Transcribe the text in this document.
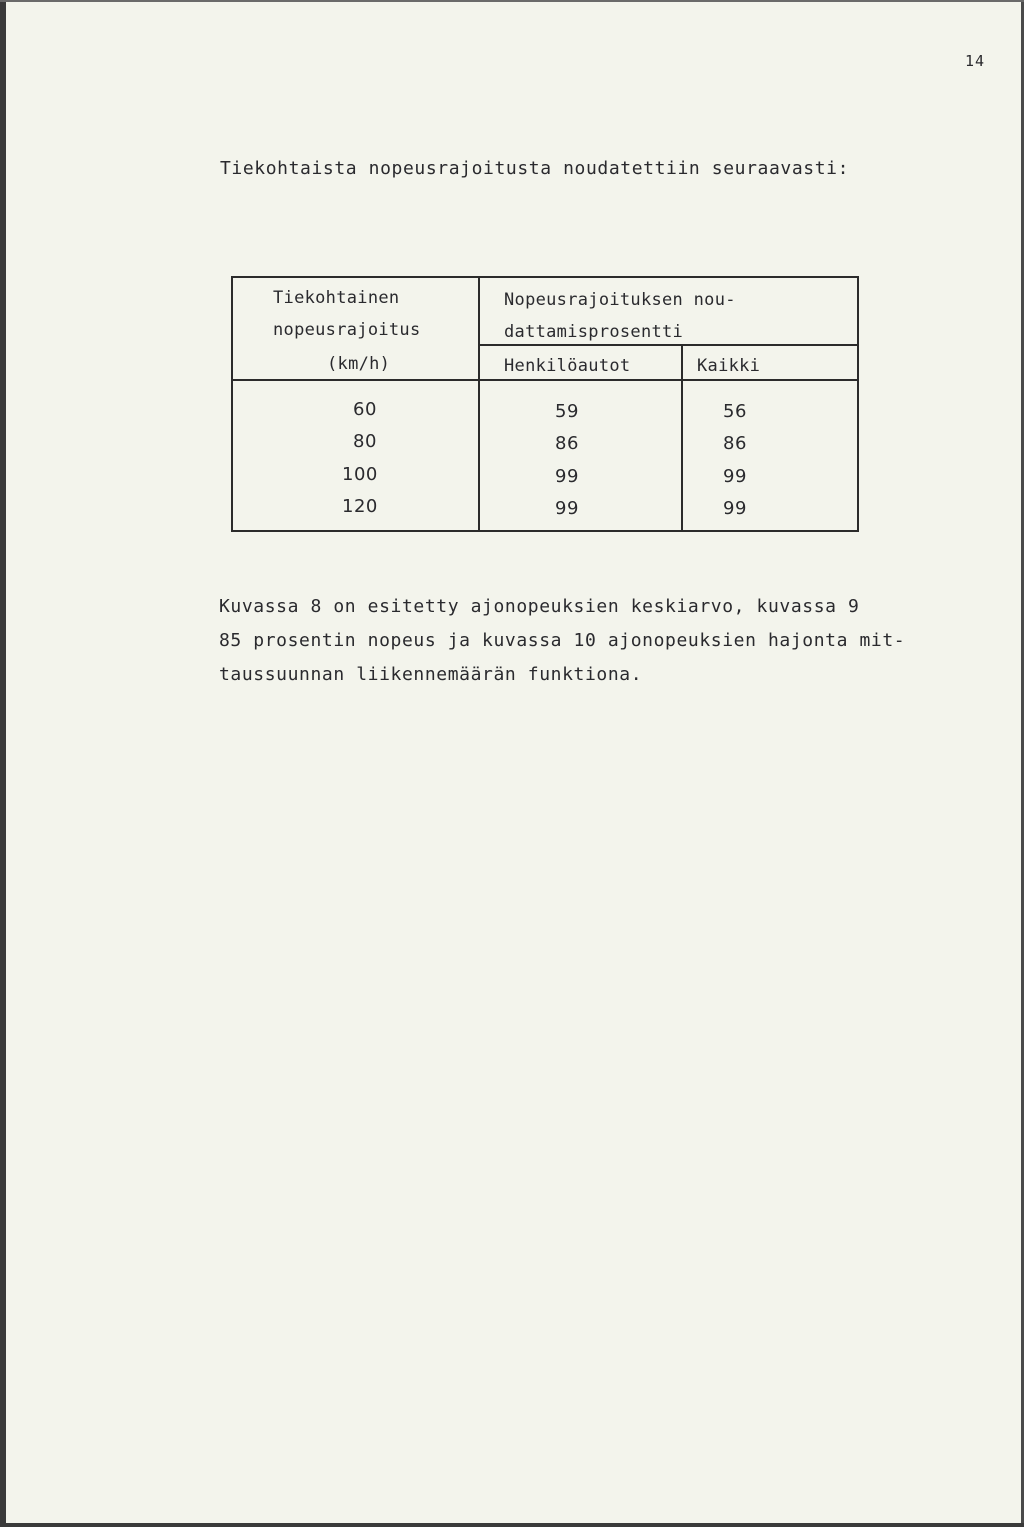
14
Tiekohtaista nopeusrajoitusta noudatettiin seuraavasti:
Tiekohtainen
nopeusrajoitus
(km/h)
Nopeusrajoituksen nou-
dattamisprosentti
Henkilöautot	Kaikki
60	59	56
80	86	86
100	99	99
120	99	99
Kuvassa 8 on esitetty ajonopeuksien keskiarvo, kuvassa 9
85 prosentin nopeus ja kuvassa 10 ajonopeuksien hajonta mit-
taussuunnan liikennemäärän funktiona.
